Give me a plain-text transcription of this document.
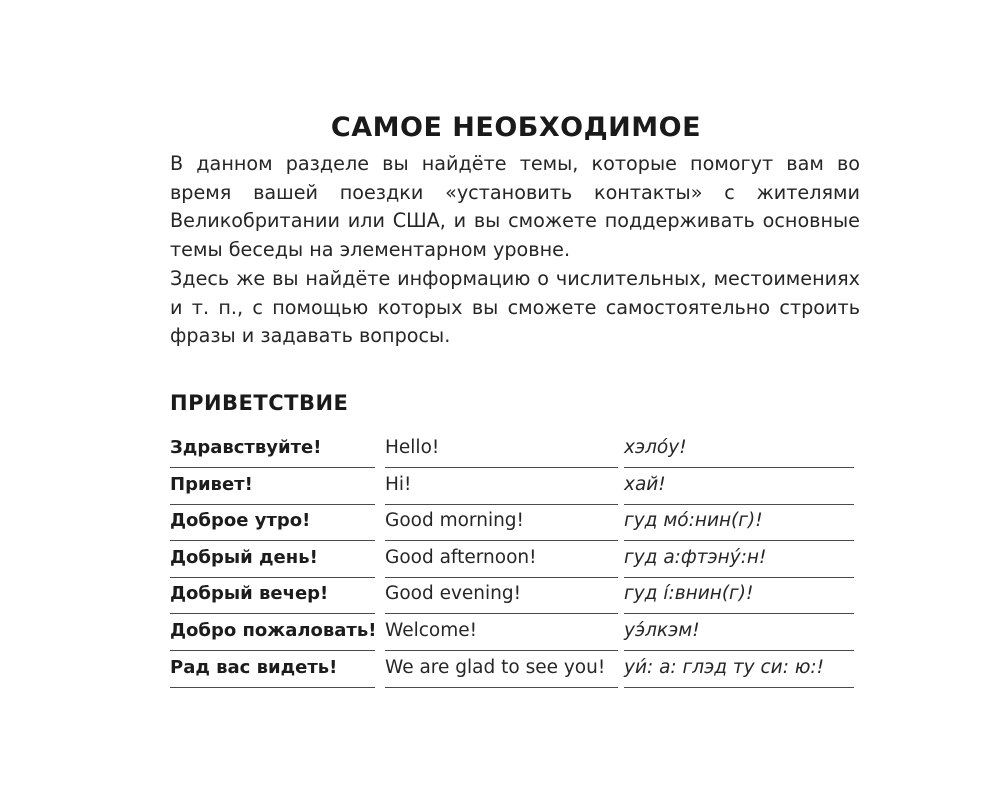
САМОЕ НЕОБХОДИМОЕ

В данном разделе вы найдёте темы, которые помогут вам во время вашей поездки «установить контакты» с жителями Великобритании или США, и вы сможете поддерживать основные темы беседы на элементарном уровне.

Здесь же вы найдёте информацию о числительных, местоимениях и т. п., с помощью которых вы сможете самостоятельно строить фразы и задавать вопросы.

ПРИВЕТСТВИЕ
Здравствуйте!	Hello!	хэлóу!
Привет!	Hi!	хай!
Доброе утро!	Good morning!	гуд мó:нин(г)!
Добрый день!	Good afternoon!	гуд а:фтэнý:н!
Добрый вечер!	Good evening!	гуд í:внин(г)!
Добро пожаловать! Welcome!	уэ́лкэм!
Рад вас видеть!	We are glad to see you!	уи́: а: глэд ту си: ю:!
